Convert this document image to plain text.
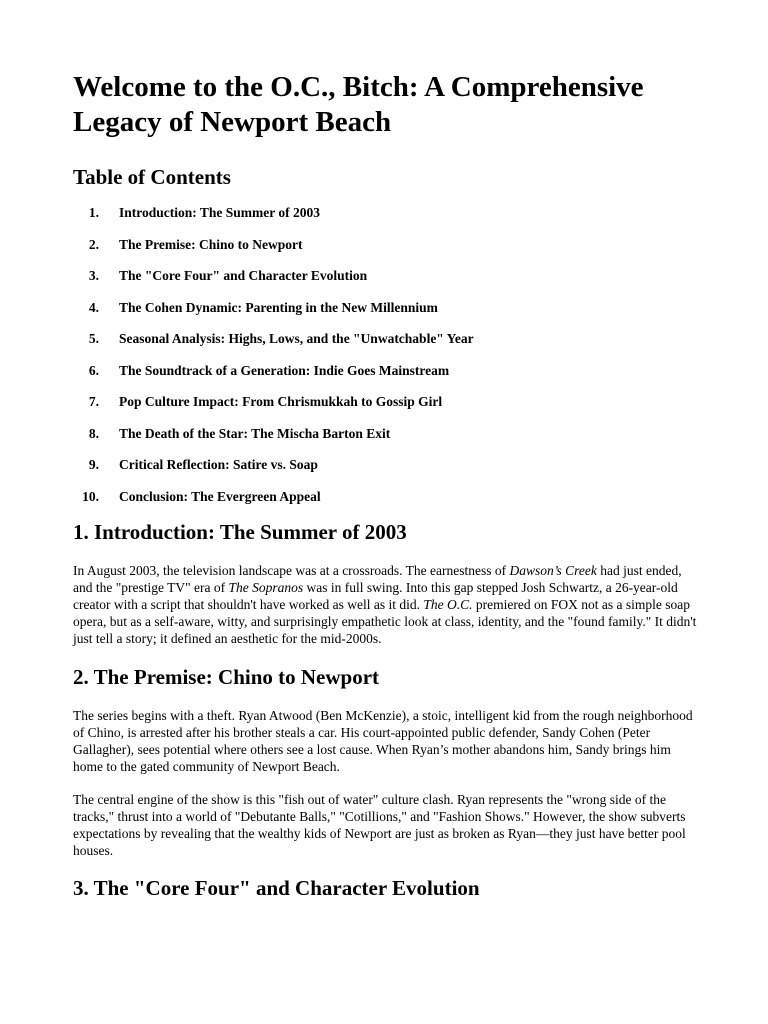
Welcome to the O.C., Bitch: A Comprehensive Legacy of Newport Beach
Table of Contents
1. Introduction: The Summer of 2003
2. The Premise: Chino to Newport
3. The "Core Four" and Character Evolution
4. The Cohen Dynamic: Parenting in the New Millennium
5. Seasonal Analysis: Highs, Lows, and the "Unwatchable" Year
6. The Soundtrack of a Generation: Indie Goes Mainstream
7. Pop Culture Impact: From Chrismukkah to Gossip Girl
8. The Death of the Star: The Mischa Barton Exit
9. Critical Reflection: Satire vs. Soap
10. Conclusion: The Evergreen Appeal
1. Introduction: The Summer of 2003

In August 2003, the television landscape was at a crossroads. The earnestness of Dawson’s Creek had just ended, and the "prestige TV" era of The Sopranos was in full swing. Into this gap stepped Josh Schwartz, a 26-year-old creator with a script that shouldn't have worked as well as it did. The O.C. premiered on FOX not as a simple soap opera, but as a self-aware, witty, and surprisingly empathetic look at class, identity, and the "found family." It didn't just tell a story; it defined an aesthetic for the mid-2000s.

2. The Premise: Chino to Newport

The series begins with a theft. Ryan Atwood (Ben McKenzie), a stoic, intelligent kid from the rough neighborhood of Chino, is arrested after his brother steals a car. His court-appointed public defender, Sandy Cohen (Peter Gallagher), sees potential where others see a lost cause. When Ryan’s mother abandons him, Sandy brings him home to the gated community of Newport Beach.

The central engine of the show is this "fish out of water" culture clash. Ryan represents the "wrong side of the tracks," thrust into a world of "Debutante Balls," "Cotillions," and "Fashion Shows." However, the show subverts expectations by revealing that the wealthy kids of Newport are just as broken as Ryan—they just have better pool houses.

3. The "Core Four" and Character Evolution
